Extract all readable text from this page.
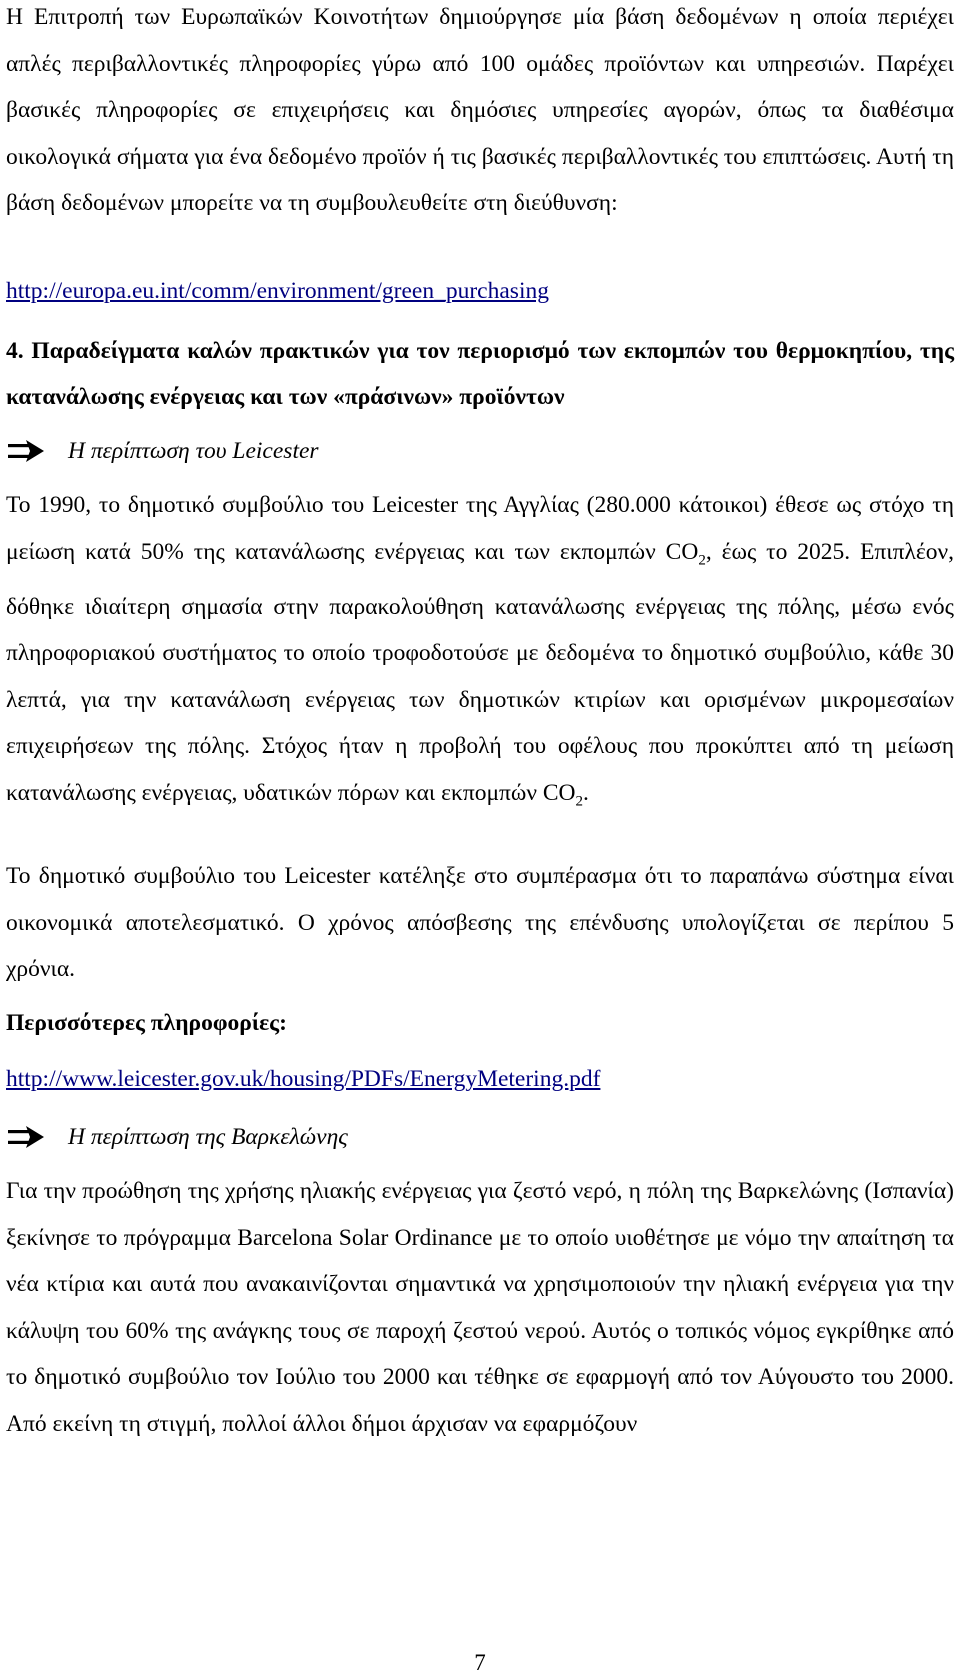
Η Επιτροπή των Ευρωπαϊκών Κοινοτήτων δημιούργησε μία βάση δεδομένων η οποία περιέχει απλές περιβαλλοντικές πληροφορίες γύρω από 100 ομάδες προϊόντων και υπηρεσιών. Παρέχει βασικές πληροφορίες σε επιχειρήσεις και δημόσιες υπηρεσίες αγορών, όπως τα διαθέσιμα οικολογικά σήματα για ένα δεδομένο προϊόν ή τις βασικές περιβαλλοντικές του επιπτώσεις. Αυτή τη βάση δεδομένων μπορείτε να τη συμβουλευθείτε στη διεύθυνση:

http://europa.eu.int/comm/environment/green_purchasing

4. Παραδείγματα καλών πρακτικών για τον περιορισμό των εκπομπών του θερμοκηπίου, της κατανάλωσης ενέργειας και των «πράσινων» προϊόντων

Η περίπτωση του Leicester

Το 1990, το δημοτικό συμβούλιο του Leicester της Αγγλίας (280.000 κάτοικοι) έθεσε ως στόχο τη μείωση κατά 50% της κατανάλωσης ενέργειας και των εκπομπών $CO_2$, έως το 2025. Επιπλέον, δόθηκε ιδιαίτερη σημασία στην παρακολούθηση κατανάλωσης ενέργειας της πόλης, μέσω ενός πληροφοριακού συστήματος το οποίο τροφοδοτούσε με δεδομένα το δημοτικό συμβούλιο, κάθε 30 λεπτά, για την κατανάλωση ενέργειας των δημοτικών κτιρίων και ορισμένων μικρομεσαίων επιχειρήσεων της πόλης. Στόχος ήταν η προβολή του οφέλους που προκύπτει από τη μείωση κατανάλωσης ενέργειας, υδατικών πόρων και εκπομπών $CO_2$.

Το δημοτικό συμβούλιο του Leicester κατέληξε στο συμπέρασμα ότι το παραπάνω σύστημα είναι οικονομικά αποτελεσματικό. Ο χρόνος απόσβεσης της επένδυσης υπολογίζεται σε περίπου 5 χρόνια.

Περισσότερες πληροφορίες:

http://www.leicester.gov.uk/housing/PDFs/EnergyMetering.pdf
Η περίπτωση της Βαρκελώνης

Για την προώθηση της χρήσης ηλιακής ενέργειας για ζεστό νερό, η πόλη της Βαρκελώνης (Ισπανία) ξεκίνησε το πρόγραμμα Barcelona Solar Ordinance με το οποίο υιοθέτησε με νόμο την απαίτηση τα νέα κτίρια και αυτά που ανακαινίζονται σημαντικά να χρησιμοποιούν την ηλιακή ενέργεια για την κάλυψη του 60% της ανάγκης τους σε παροχή ζεστού νερού. Αυτός ο τοπικός νόμος εγκρίθηκε από το δημοτικό συμβούλιο τον Ιούλιο του 2000 και τέθηκε σε εφαρμογή από τον Αύγουστο του 2000. Από εκείνη τη στιγμή, πολλοί άλλοι δήμοι άρχισαν να εφαρμόζουν

7
